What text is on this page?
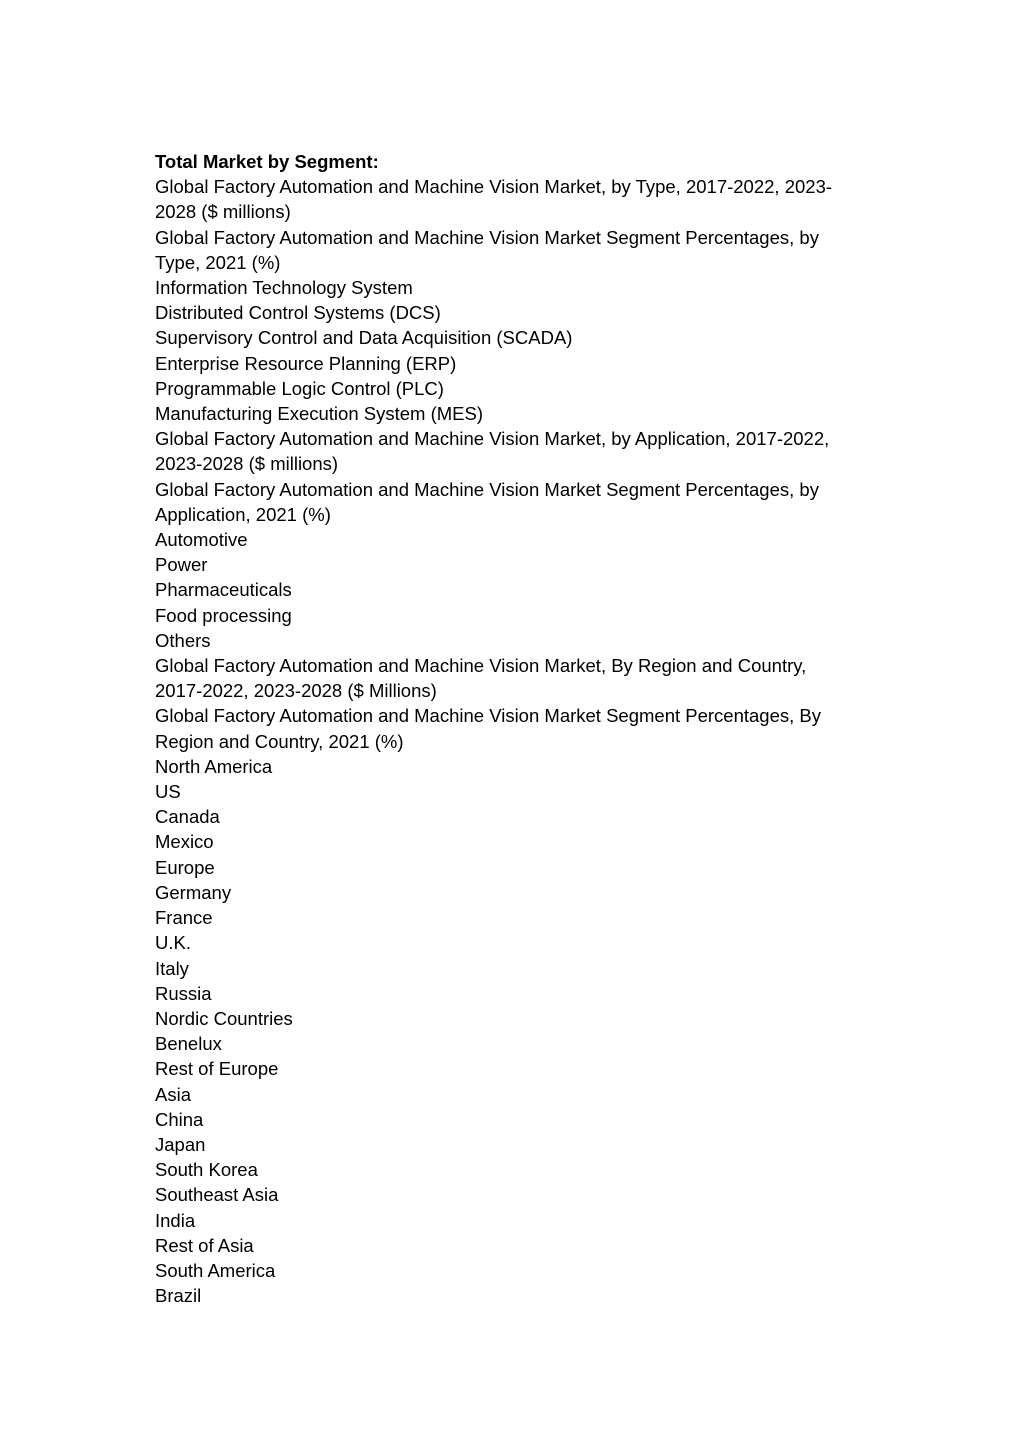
Total Market by Segment:

Global Factory Automation and Machine Vision Market, by Type, 2017-2022, 2023-

2028 ($ millions)

Global Factory Automation and Machine Vision Market Segment Percentages, by

Type, 2021 (%)

Information Technology System

Distributed Control Systems (DCS)

Supervisory Control and Data Acquisition (SCADA)

Enterprise Resource Planning (ERP)

Programmable Logic Control (PLC)

Manufacturing Execution System (MES)

Global Factory Automation and Machine Vision Market, by Application, 2017-2022,

2023-2028 ($ millions)

Global Factory Automation and Machine Vision Market Segment Percentages, by

Application, 2021 (%)

Automotive

Power

Pharmaceuticals

Food processing

Others

Global Factory Automation and Machine Vision Market, By Region and Country,

2017-2022, 2023-2028 ($ Millions)

Global Factory Automation and Machine Vision Market Segment Percentages, By

Region and Country, 2021 (%)

North America

US

Canada

Mexico

Europe

Germany

France

U.K.

Italy

Russia

Nordic Countries

Benelux

Rest of Europe

Asia

China

Japan

South Korea

Southeast Asia

India

Rest of Asia

South America

Brazil
